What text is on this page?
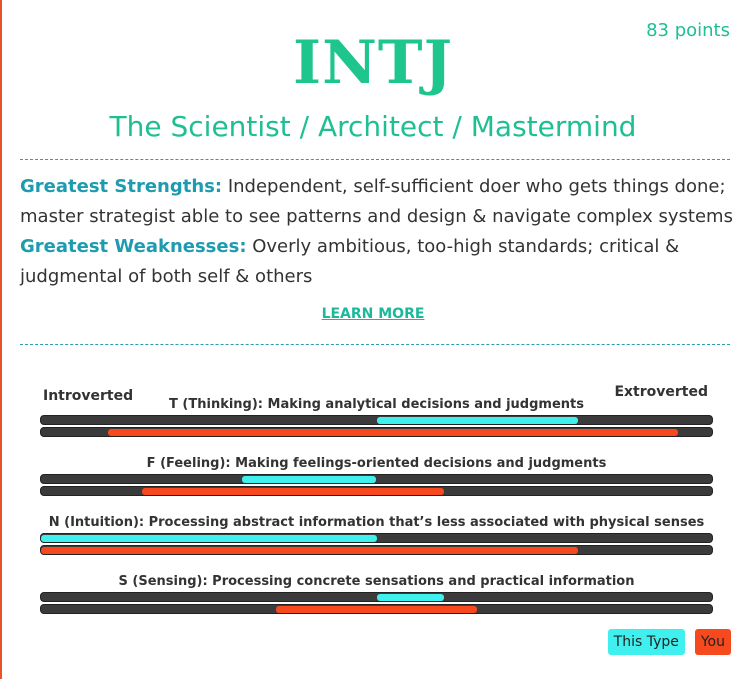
83 points
INTJ
The Scientist / Architect / Mastermind
Greatest Strengths: Independent, self-sufficient doer who gets things done; master strategist able to see patterns and design & navigate complex systems
Greatest Weaknesses: Overly ambitious, too-high standards; critical & judgmental of both self & others
LEARN MORE
Introverted	Extroverted
T (Thinking): Making analytical decisions and judgments
F (Feeling): Making feelings-oriented decisions and judgments
N (Intuition): Processing abstract information that’s less associated with physical senses
S (Sensing): Processing concrete sensations and practical information
This Type	You
